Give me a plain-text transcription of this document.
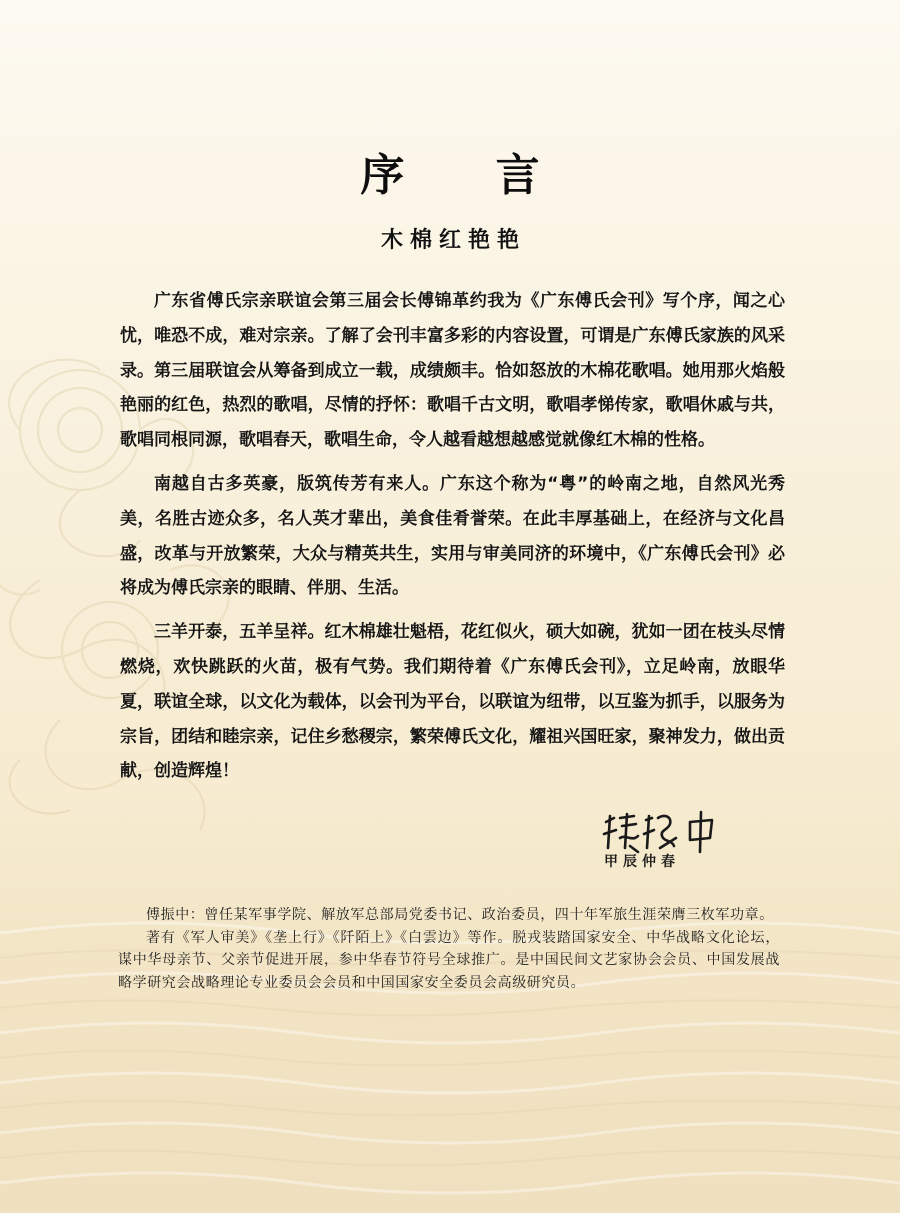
序 言
木棉红艳艳

广东省傅氏宗亲联谊会第三届会长傅锦革约我为《广东傅氏会刊》写个序，闻之心忧，唯恐不成，难对宗亲。了解了会刊丰富多彩的内容设置，可谓是广东傅氏家族的风采录。第三届联谊会从筹备到成立一载，成绩颇丰。恰如怒放的木棉花歌唱。她用那火焰般艳丽的红色，热烈的歌唱，尽情的抒怀：歌唱千古文明，歌唱孝悌传家，歌唱休戚与共，歌唱同根同源，歌唱春天，歌唱生命，令人越看越想越感觉就像红木棉的性格。

南越自古多英豪，版筑传芳有来人。广东这个称为“粤”的岭南之地，自然风光秀美，名胜古迹众多，名人英才辈出，美食佳肴誉荣。在此丰厚基础上，在经济与文化昌盛，改革与开放繁荣，大众与精英共生，实用与审美同济的环境中，《广东傅氏会刊》必将成为傅氏宗亲的眼睛、伴朋、生活。

三羊开泰，五羊呈祥。红木棉雄壮魁梧，花红似火，硕大如碗，犹如一团在枝头尽情燃烧，欢快跳跃的火苗，极有气势。我们期待着《广东傅氏会刊》，立足岭南，放眼华夏，联谊全球，以文化为载体，以会刊为平台，以联谊为纽带，以互鉴为抓手，以服务为宗旨，团结和睦宗亲，记住乡愁稷宗，繁荣傅氏文化，耀祖兴国旺家，聚神发力，做出贡献，创造辉煌！

甲辰仲春

傅振中：曾任某军事学院、解放军总部局党委书记、政治委员，四十年军旅生涯荣膺三枚军功章。

著有《军人审美》《垄上行》《阡陌上》《白雲边》等作。脱戎装踏国家安全、中华战略文化论坛，谋中华母亲节、父亲节促进开展，参中华春节符号全球推广。是中国民间文艺家协会会员、中国发展战略学研究会战略理论专业委员会会员和中国国家安全委员会高级研究员。
